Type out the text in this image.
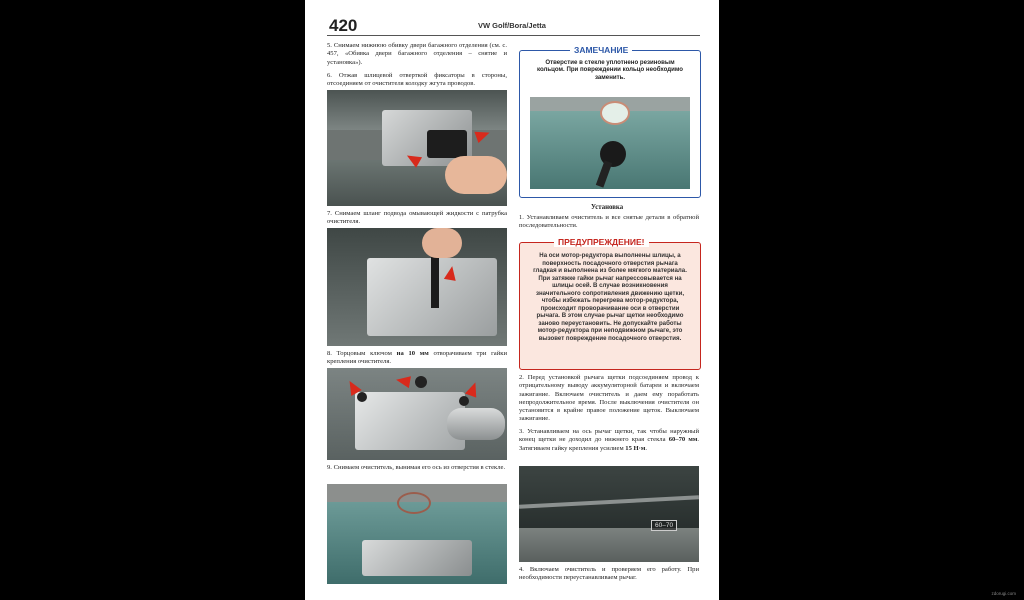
420	VW Golf/Bora/Jetta
5. Снимаем нижнюю обивку двери багажного отделения (см. с. 457, «Обивка двери багажного отделения – снятие и установка»).
6. Отжав шлицевой отверткой фиксаторы в стороны, отсоединяем от очистителя колодку жгута проводов.
7. Снимаем шланг подвода омывающей жидкости с патрубка очистителя.
8. Торцовым ключом на 10 мм отворачиваем три гайки крепления очистителя.
9. Снимаем очиститель, вынимая его ось из отверстия в стекле.
ЗАМЕЧАНИЕ
Отверстие в стекле уплотнено резиновым кольцом. При повреждении кольцо необходимо заменить.
Установка
1. Устанавливаем очиститель и все снятые детали в обратной последовательности.
ПРЕДУПРЕЖДЕНИЕ!
На оси мотор-редуктора выполнены шлицы, а поверхность посадочного отверстия рычага гладкая и выполнена из более мягкого материала. При затяжке гайки рычаг напрессовывается на шлицы осей. В случае возникновения значительного сопротивления движению щетки, чтобы избежать перегрева мотор-редуктора, происходит проворачивание оси в отверстии рычага. В этом случае рычаг щетки необходимо заново переустановить. Не допускайте работы мотор-редуктора при неподвижном рычаге, это вызовет повреждение посадочного отверстия.
2. Перед установкой рычага щетки подсоединяем провод к отрицательному выводу аккумуляторной батареи и включаем зажигание. Включаем очиститель и даем ему поработать непродолжительное время. После выключения очистителя он установится в крайне правое положение щеток. Выключаем зажигание.
3. Устанавливаем на ось рычаг щетки, так чтобы наружный конец щетки не доходил до нижнего края стекла 60–70 мм. Затягиваем гайку крепления усилием 15 Н·м.
60–70
4. Включаем очиститель и проверяем его работу. При необходимости переустанавливаем рычаг.
zdorugi.com
